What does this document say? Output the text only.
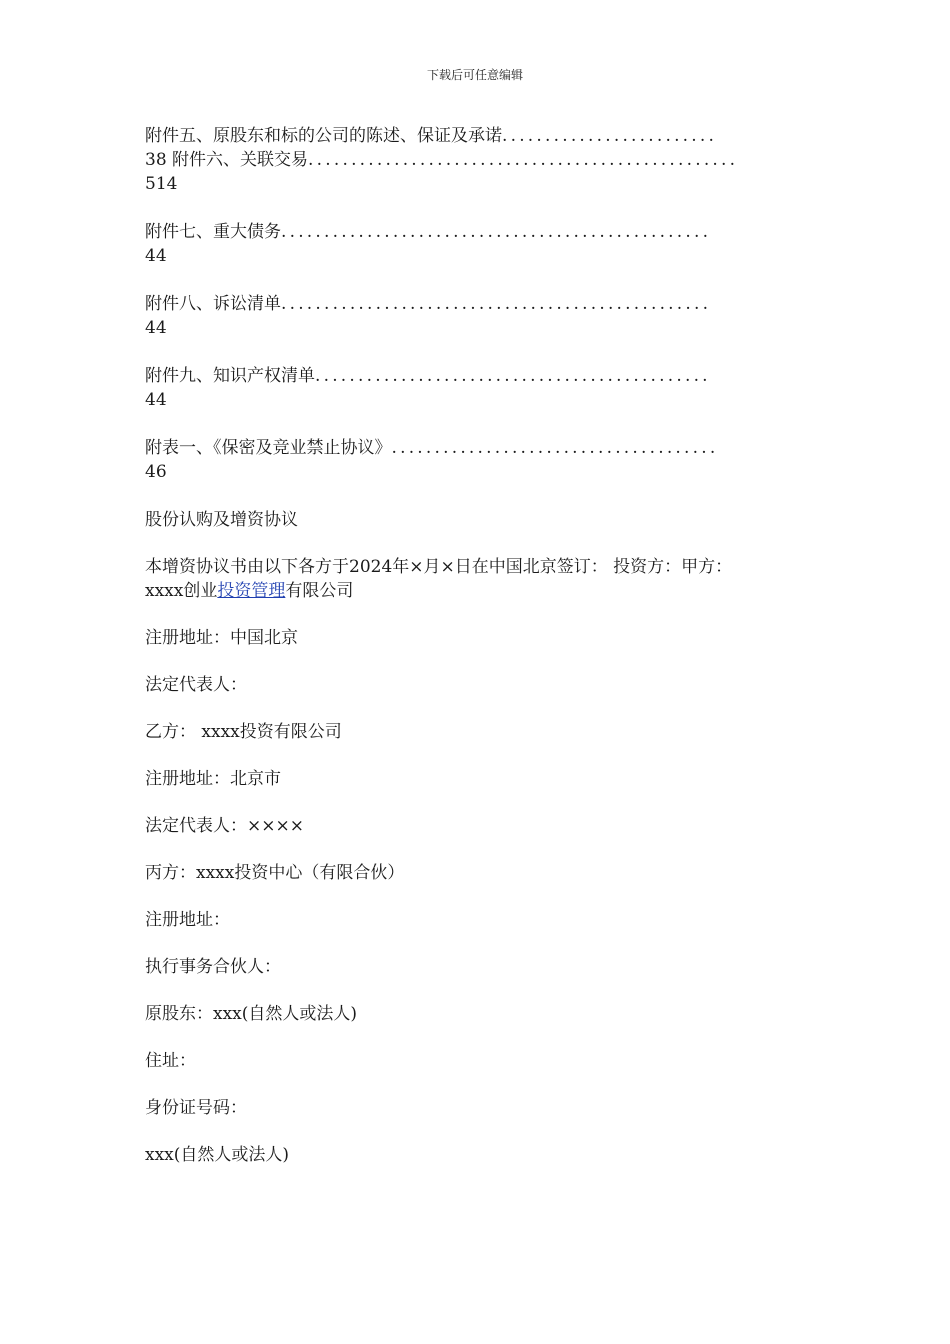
下载后可任意编辑
附件五、原股东和标的公司的陈述、保证及承诺.........................
38 附件六、关联交易..................................................
514
附件七、重大债务..................................................
44
附件八、诉讼清单..................................................
44
附件九、知识产权清单..............................................
44
附表一、《保密及竞业禁止协议》......................................
46

股份认购及增资协议

本增资协议书由以下各方于2024年×月×日在中国北京签订： 投资方：甲方：
xxxx创业投资管理有限公司

注册地址：中国北京

法定代表人：

乙方： xxxx投资有限公司

注册地址：北京市

法定代表人：××××

丙方：xxxx投资中心（有限合伙）

注册地址：

执行事务合伙人：

原股东：xxx(自然人或法人)

住址：

身份证号码：

xxx(自然人或法人)
